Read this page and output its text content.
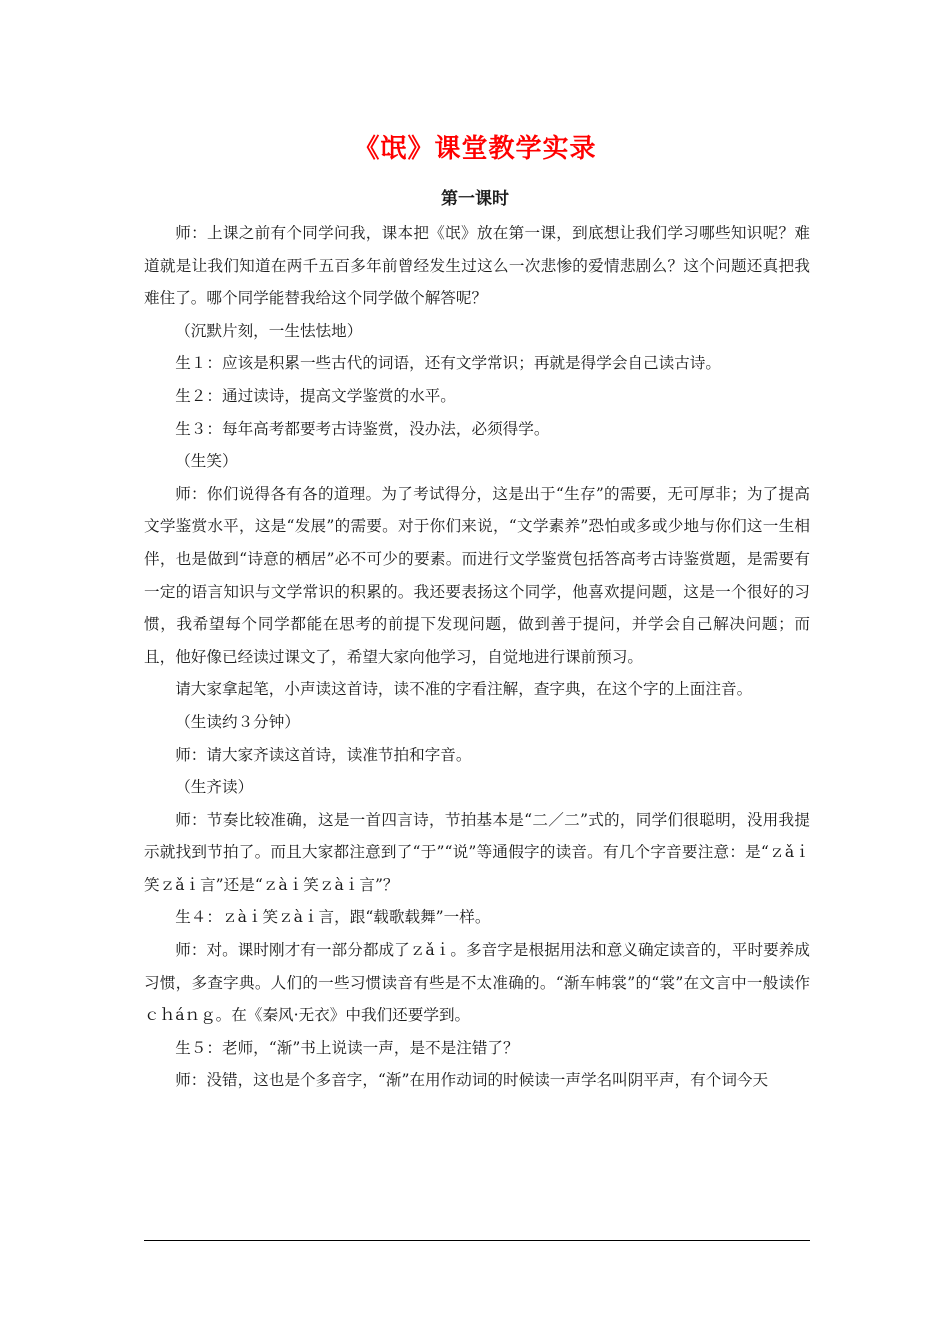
《氓》课堂教学实录
第一课时

师：上课之前有个同学问我，课本把《氓》放在第一课，到底想让我们学习哪些知识呢？难道就是让我们知道在两千五百多年前曾经发生过这么一次悲惨的爱情悲剧么？这个问题还真把我难住了。哪个同学能替我给这个同学做个解答呢？

（沉默片刻，一生怯怯地）

生１：应该是积累一些古代的词语，还有文学常识；再就是得学会自己读古诗。

生２：通过读诗，提高文学鉴赏的水平。

生３：每年高考都要考古诗鉴赏，没办法，必须得学。

（生笑）

师：你们说得各有各的道理。为了考试得分，这是出于“生存”的需要，无可厚非；为了提高文学鉴赏水平，这是“发展”的需要。对于你们来说，“文学素养”恐怕或多或少地与你们这一生相伴，也是做到“诗意的栖居”必不可少的要素。而进行文学鉴赏包括答高考古诗鉴赏题，是需要有一定的语言知识与文学常识的积累的。我还要表扬这个同学，他喜欢提问题，这是一个很好的习惯，我希望每个同学都能在思考的前提下发现问题，做到善于提问，并学会自己解决问题；而且，他好像已经读过课文了，希望大家向他学习，自觉地进行课前预习。

请大家拿起笔，小声读这首诗，读不准的字看注解，查字典，在这个字的上面注音。

（生读约３分钟）

师：请大家齐读这首诗，读准节拍和字音。

（生齐读）

师：节奏比较准确，这是一首四言诗，节拍基本是“二／二”式的，同学们很聪明，没用我提示就找到节拍了。而且大家都注意到了“于”“说”等通假字的读音。有几个字音要注意：是“ｚǎｉ笑ｚǎｉ言”还是“ｚàｉ笑ｚàｉ言”？

生４：ｚàｉ笑ｚàｉ言，跟“载歌载舞”一样。

师：对。课时刚才有一部分都成了ｚǎｉ。多音字是根据用法和意义确定读音的，平时要养成习惯，多查字典。人们的一些习惯读音有些是不太准确的。“渐车帏裳”的“裳”在文言中一般读作ｃｈáｎｇ。在《秦风·无衣》中我们还要学到。

生５：老师，“渐”书上说读一声，是不是注错了？

师：没错，这也是个多音字，“渐”在用作动词的时候读一声学名叫阴平声，有个词今天
